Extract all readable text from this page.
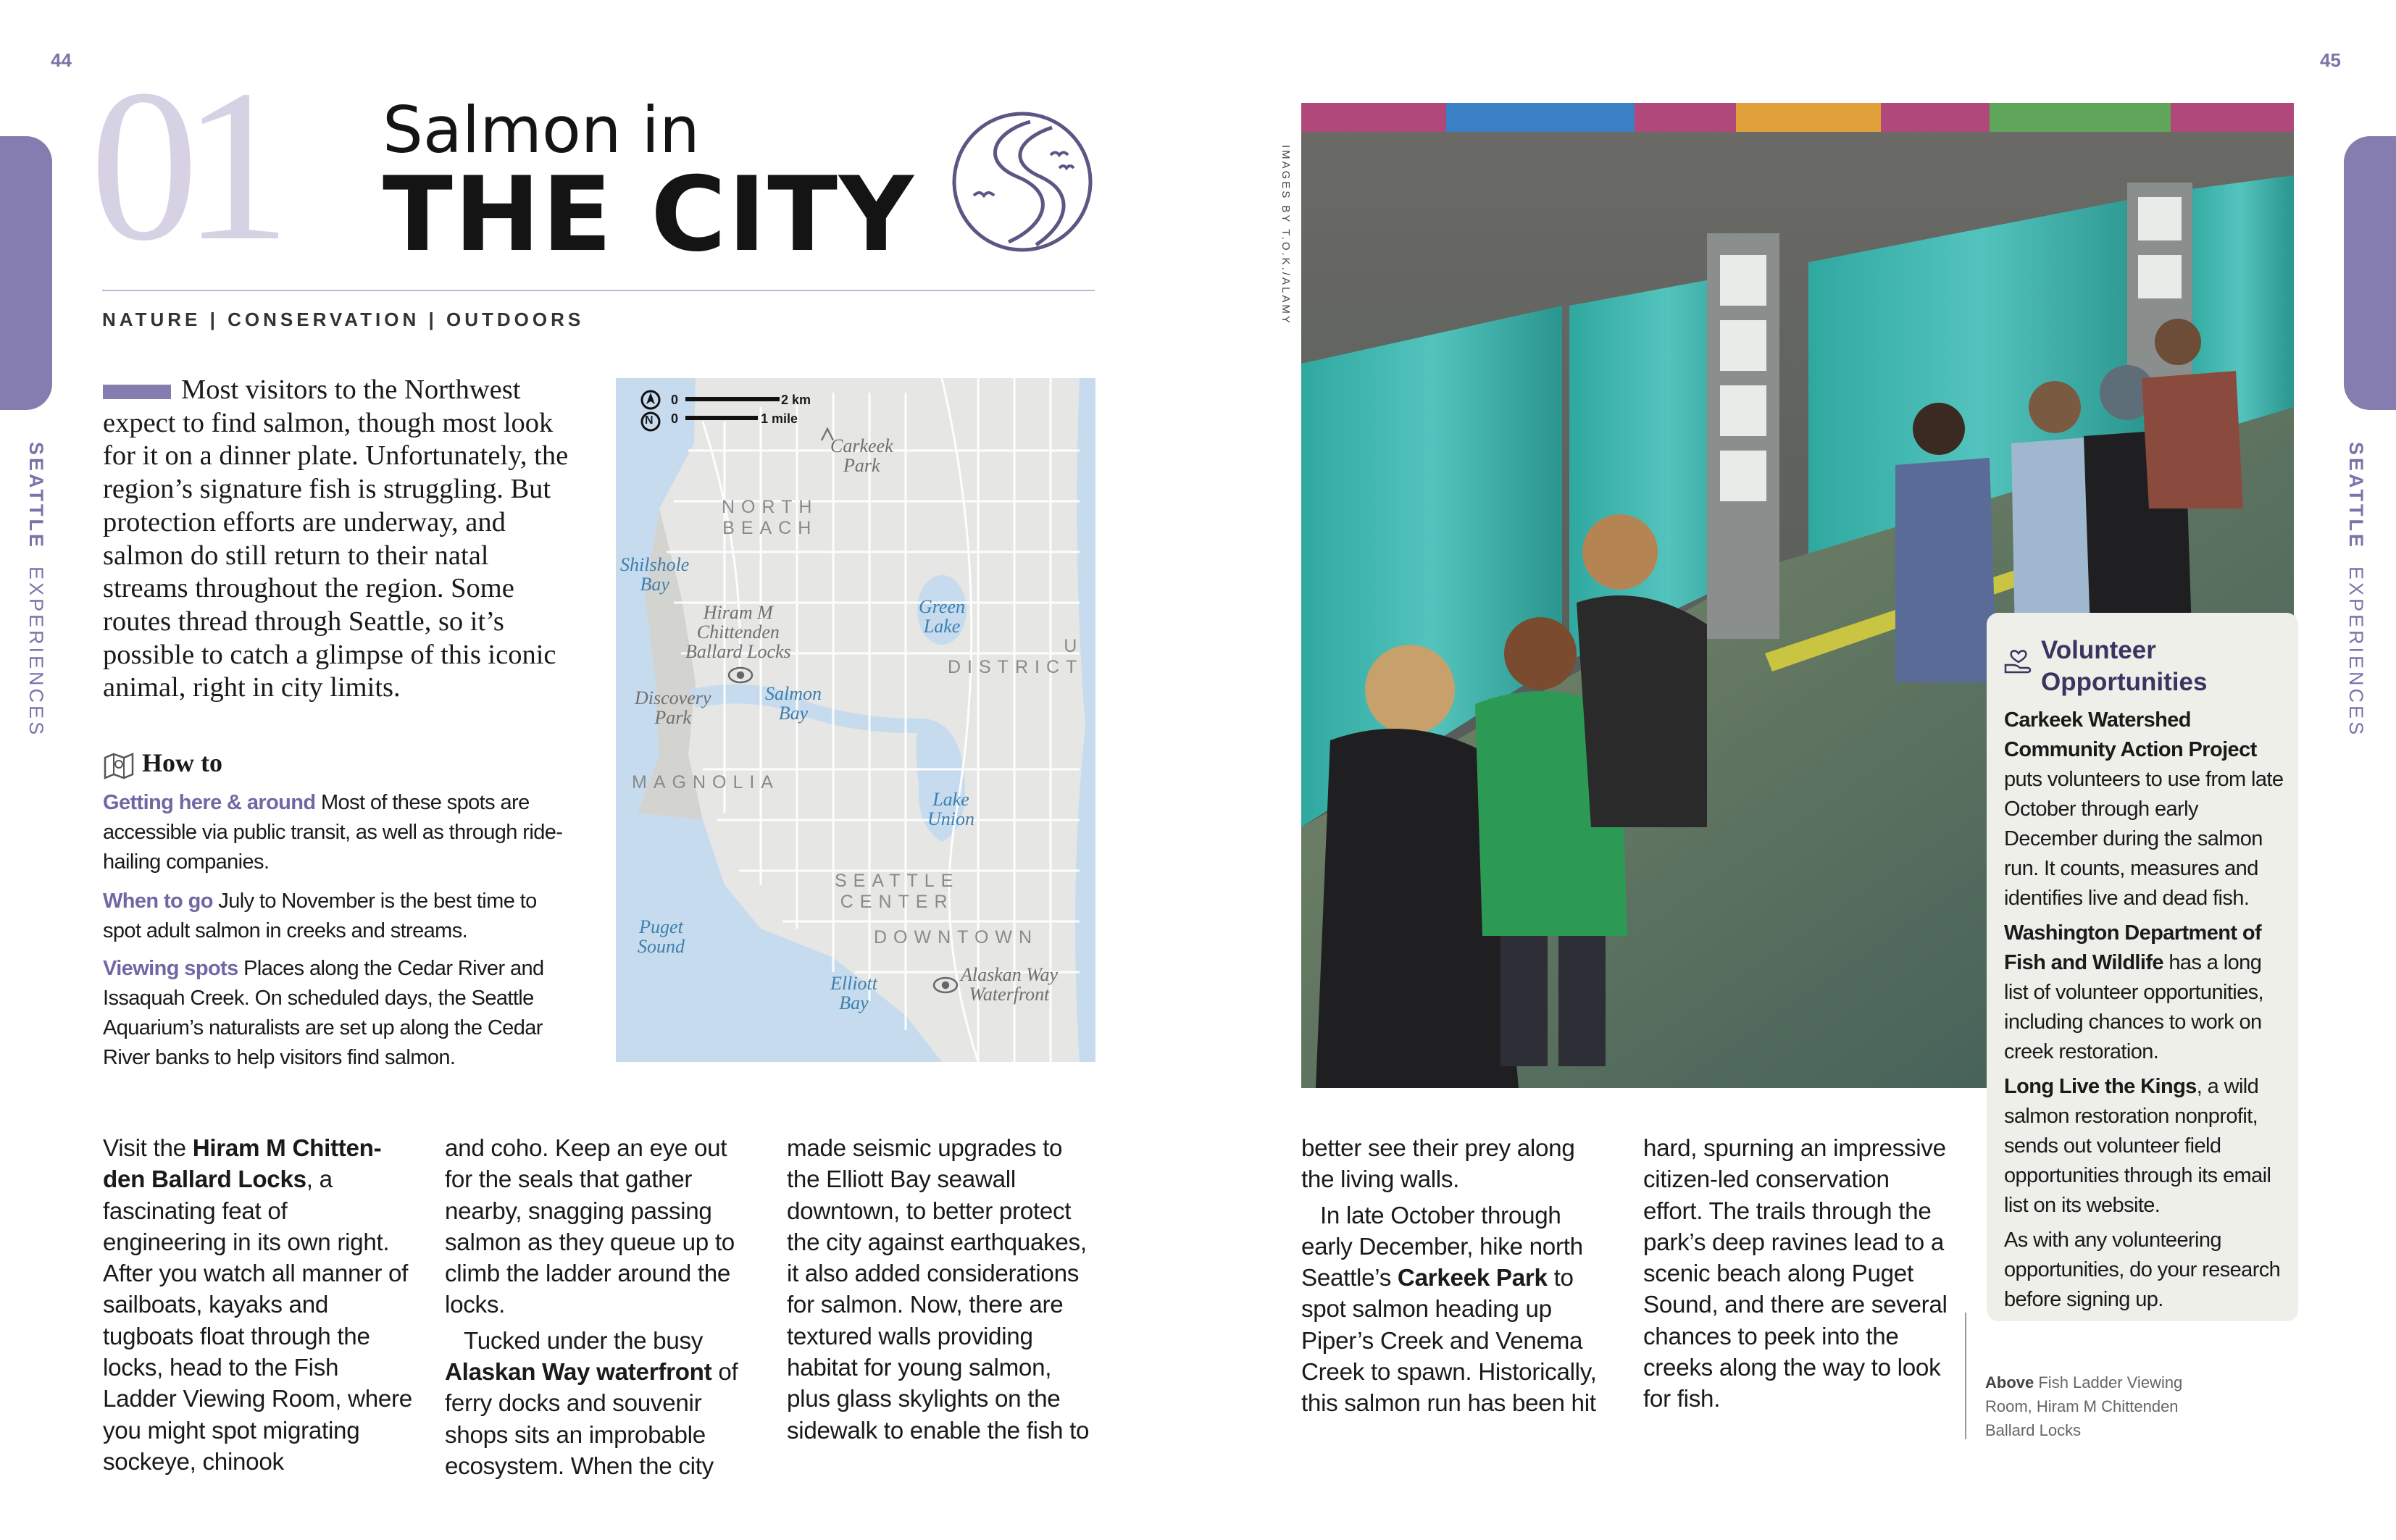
44	45
SEATTLE  EXPERIENCES
SEATTLE  EXPERIENCES
01 Salmon in
THE CITY
NATURE | CONSERVATION | OUTDOORS
Most visitors to the Northwest expect to find salmon, though most look for it on a dinner plate. Unfortunately, the region’s signature fish is struggling. But protection efforts are underway, and salmon do still return to their natal streams throughout the region. Some routes thread through Seattle, so it’s possible to catch a glimpse of this iconic animal, right in city limits.
How to
Getting here & around Most of these spots are accessible via public transit, as well as through ride-hailing companies.
When to go July to November is the best time to spot adult salmon in creeks and streams.
Viewing spots Places along the Cedar River and Issaquah Creek. On scheduled days, the Seattle Aquarium’s naturalists are set up along the Cedar River banks to help visitors find salmon.
0
0
2 km
1 mile
N
Carkeek
Park
NORTH
BEACH
Shilshole
Bay
Green
Lake
Hiram M
Chittenden
Ballard Locks	U
DISTRICT
Discovery
Park
Salmon
Bay
MAGNOLIA
Lake
Union
SEATTLE
CENTER
DOWNTOWN
Puget
Sound
Alaskan Way
Waterfront
Elliott
Bay

Visit the Hiram M Chitten-den Ballard Locks, a fascinating feat of engineering in its own right. After you watch all manner of sailboats, kayaks and tugboats float through the locks, head to the Fish Ladder Viewing Room, where you might spot migrating sockeye, chinook

and coho. Keep an eye out for the seals that gather nearby, snagging passing salmon as they queue up to climb the ladder around the locks.

Tucked under the busy Alaskan Way waterfront of ferry docks and souvenir shops sits an improbable ecosystem. When the city

made seismic upgrades to the Elliott Bay seawall downtown, to better protect the city against earthquakes, it also added considerations for salmon. Now, there are textured walls providing habitat for young salmon, plus glass skylights on the sidewalk to enable the fish to

better see their prey along the living walls.

In late October through early December, hike north Seattle’s Carkeek Park to spot salmon heading up Piper’s Creek and Venema Creek to spawn. Historically, this salmon run has been hit

hard, spurning an impressive citizen-led conservation effort. The trails through the park’s deep ravines lead to a scenic beach along Puget Sound, and there are several chances to peek into the creeks along the way to look for fish.

IMAGES BY T.O.K./ALAMY
Volunteer
Opportunities

Carkeek Watershed Community Action Project puts volunteers to use from late October through early December during the salmon run. It counts, measures and identifies live and dead fish.

Washington Department of Fish and Wildlife has a long list of volunteer opportunities, including chances to work on creek restoration.

Long Live the Kings, a wild salmon restoration nonprofit, sends out volunteer field opportunities through its email list on its website.

As with any volunteering opportunities, do your research before signing up.

Above Fish Ladder Viewing Room, Hiram M Chittenden Ballard Locks
